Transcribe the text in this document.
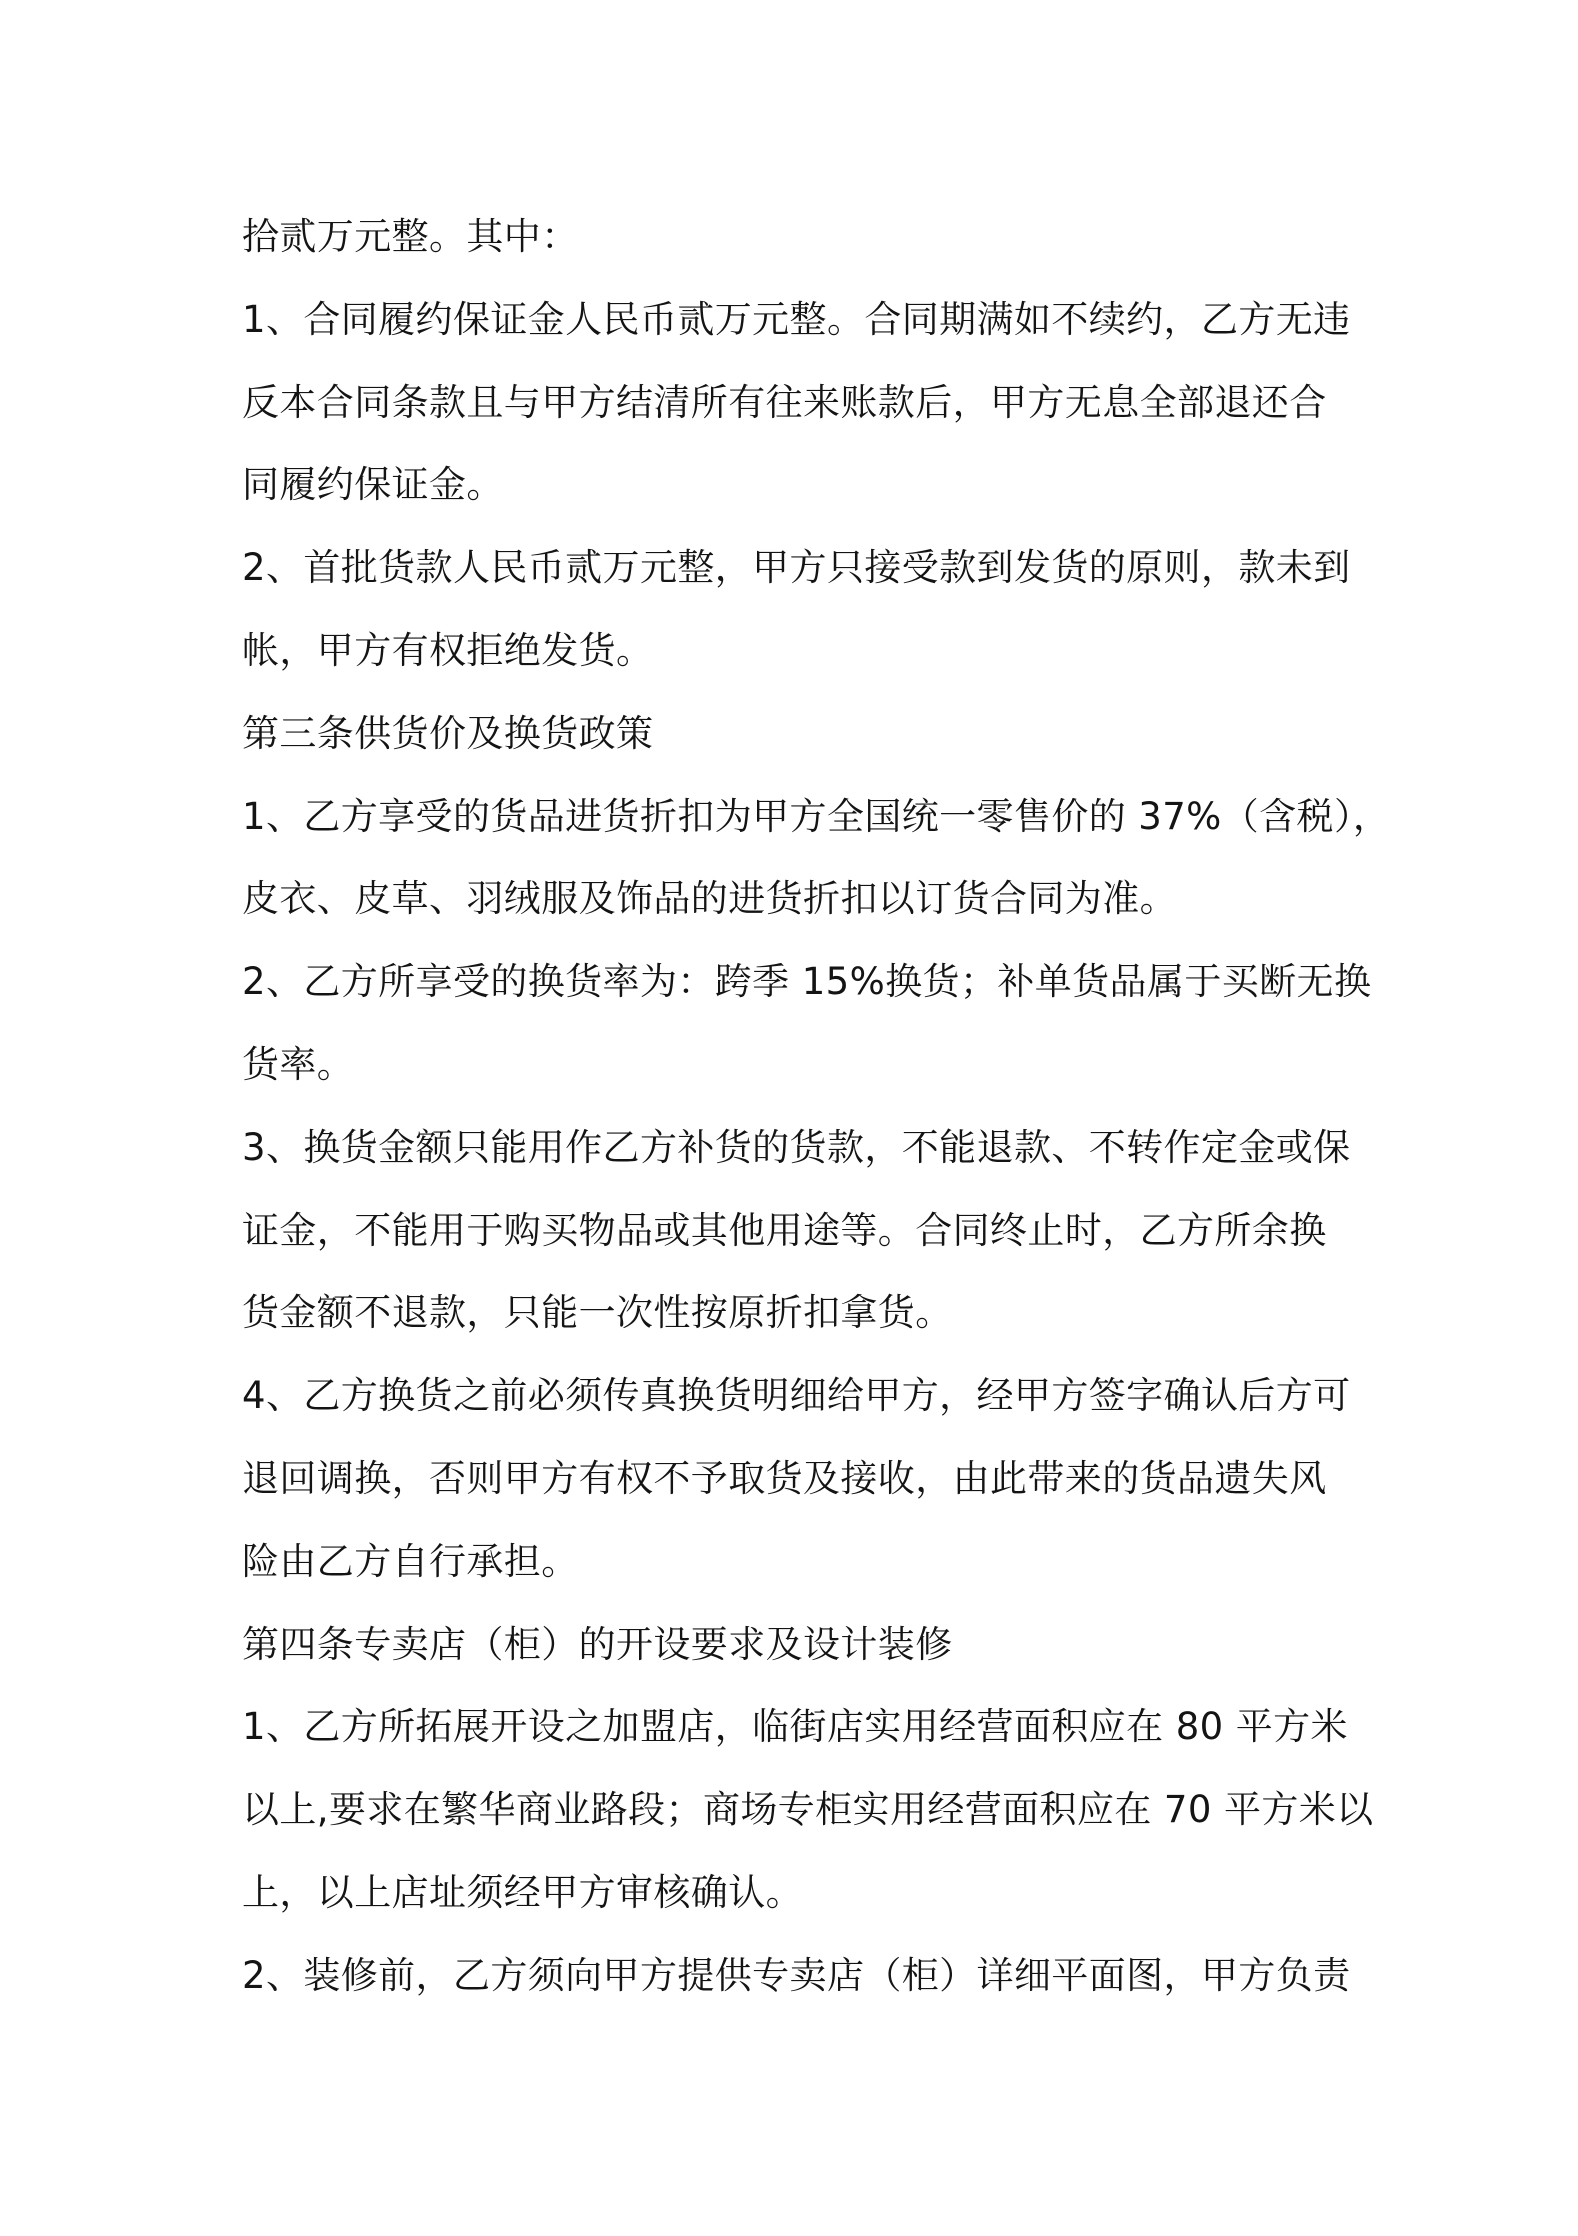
拾贰万元整。其中：
1、合同履约保证金人民币贰万元整。合同期满如不续约，乙方无违
反本合同条款且与甲方结清所有往来账款后，甲方无息全部退还合
同履约保证金。
2、首批货款人民币贰万元整，甲方只接受款到发货的原则，款未到
帐，甲方有权拒绝发货。
第三条供货价及换货政策
1、乙方享受的货品进货折扣为甲方全国统一零售价的 37%（含税），
皮衣、皮草、羽绒服及饰品的进货折扣以订货合同为准。
2、乙方所享受的换货率为：跨季 15%换货；补单货品属于买断无换
货率。
3、换货金额只能用作乙方补货的货款，不能退款、不转作定金或保
证金，不能用于购买物品或其他用途等。合同终止时，乙方所余换
货金额不退款，只能一次性按原折扣拿货。
4、乙方换货之前必须传真换货明细给甲方，经甲方签字确认后方可
退回调换，否则甲方有权不予取货及接收，由此带来的货品遗失风
险由乙方自行承担。
第四条专卖店（柜）的开设要求及设计装修
1、乙方所拓展开设之加盟店，临街店实用经营面积应在 80 平方米
以上,要求在繁华商业路段；商场专柜实用经营面积应在 70 平方米以
上，以上店址须经甲方审核确认。
2、装修前，乙方须向甲方提供专卖店（柜）详细平面图，甲方负责
